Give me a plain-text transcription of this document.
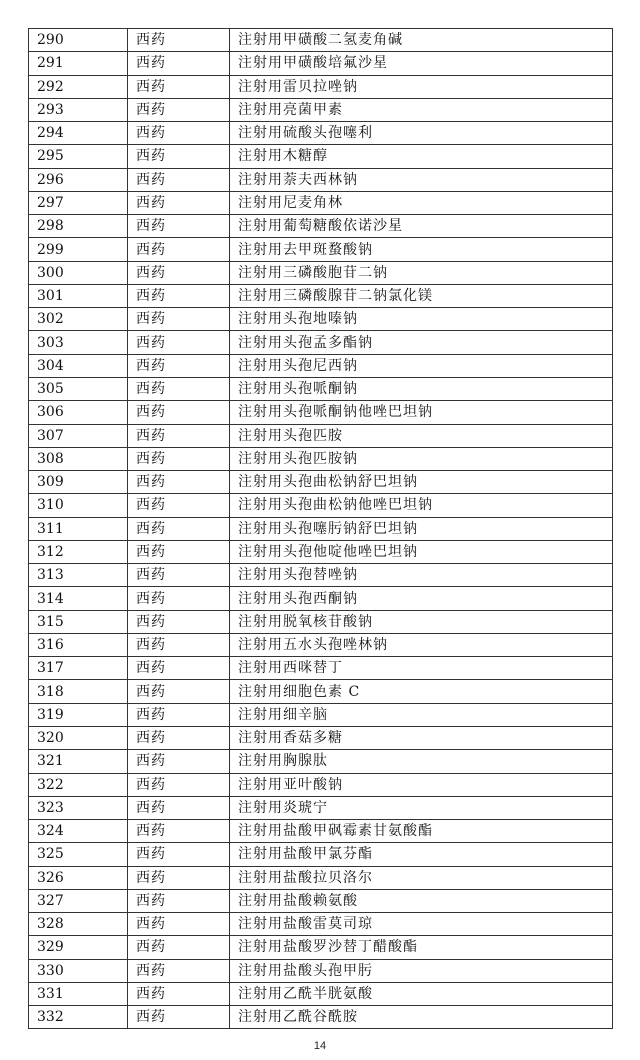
290	西药	注射用甲磺酸二氢麦角碱
291	西药	注射用甲磺酸培氟沙星
292	西药	注射用雷贝拉唑钠
293	西药	注射用亮菌甲素
294	西药	注射用硫酸头孢噻利
295	西药	注射用木糖醇
296	西药	注射用萘夫西林钠
297	西药	注射用尼麦角林
298	西药	注射用葡萄糖酸依诺沙星
299	西药	注射用去甲斑蝥酸钠
300	西药	注射用三磷酸胞苷二钠
301	西药	注射用三磷酸腺苷二钠氯化镁
302	西药	注射用头孢地嗪钠
303	西药	注射用头孢孟多酯钠
304	西药	注射用头孢尼西钠
305	西药	注射用头孢哌酮钠
306	西药	注射用头孢哌酮钠他唑巴坦钠
307	西药	注射用头孢匹胺
308	西药	注射用头孢匹胺钠
309	西药	注射用头孢曲松钠舒巴坦钠
310	西药	注射用头孢曲松钠他唑巴坦钠
311	西药	注射用头孢噻肟钠舒巴坦钠
312	西药	注射用头孢他啶他唑巴坦钠
313	西药	注射用头孢替唑钠
314	西药	注射用头孢西酮钠
315	西药	注射用脱氧核苷酸钠
316	西药	注射用五水头孢唑林钠
317	西药	注射用西咪替丁
318	西药	注射用细胞色素 C
319	西药	注射用细辛脑
320	西药	注射用香菇多糖
321	西药	注射用胸腺肽
322	西药	注射用亚叶酸钠
323	西药	注射用炎琥宁
324	西药	注射用盐酸甲砜霉素甘氨酸酯
325	西药	注射用盐酸甲氯芬酯
326	西药	注射用盐酸拉贝洛尔
327	西药	注射用盐酸赖氨酸
328	西药	注射用盐酸雷莫司琼
329	西药	注射用盐酸罗沙替丁醋酸酯
330	西药	注射用盐酸头孢甲肟
331	西药	注射用乙酰半胱氨酸
332	西药	注射用乙酰谷酰胺
14
